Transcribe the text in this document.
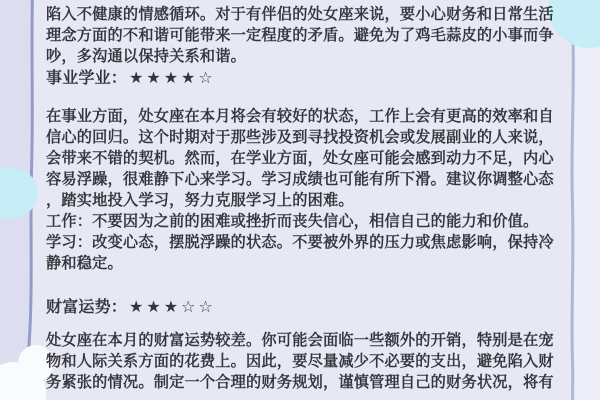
陷入不健康的情感循环。对于有伴侣的处女座来说，要小心财务和日常生活理念方面的不和谐可能带来一定程度的矛盾。避免为了鸡毛蒜皮的小事而争吵，多沟通以保持关系和谐。

事业学业： ★★★★☆

在事业方面，处女座在本月将会有较好的状态，工作上会有更高的效率和自信心的回归。这个时期对于那些涉及到寻找投资机会或发展副业的人来说，会带来不错的契机。然而，在学业方面，处女座可能会感到动力不足，内心容易浮躁，很难静下心来学习。学习成绩也可能有所下滑。建议你调整心态，踏实地投入学习，努力克服学习上的困难。

工作：不要因为之前的困难或挫折而丧失信心，相信自己的能力和价值。

学习：改变心态，摆脱浮躁的状态。不要被外界的压力或焦虑影响，保持冷静和稳定。

财富运势： ★★★☆☆

处女座在本月的财富运势较差。你可能会面临一些额外的开销，特别是在宠物和人际关系方面的花费上。因此，要尽量减少不必要的支出，避免陷入财务紧张的情况。制定一个合理的财务规划，谨慎管理自己的财务状况，将有
